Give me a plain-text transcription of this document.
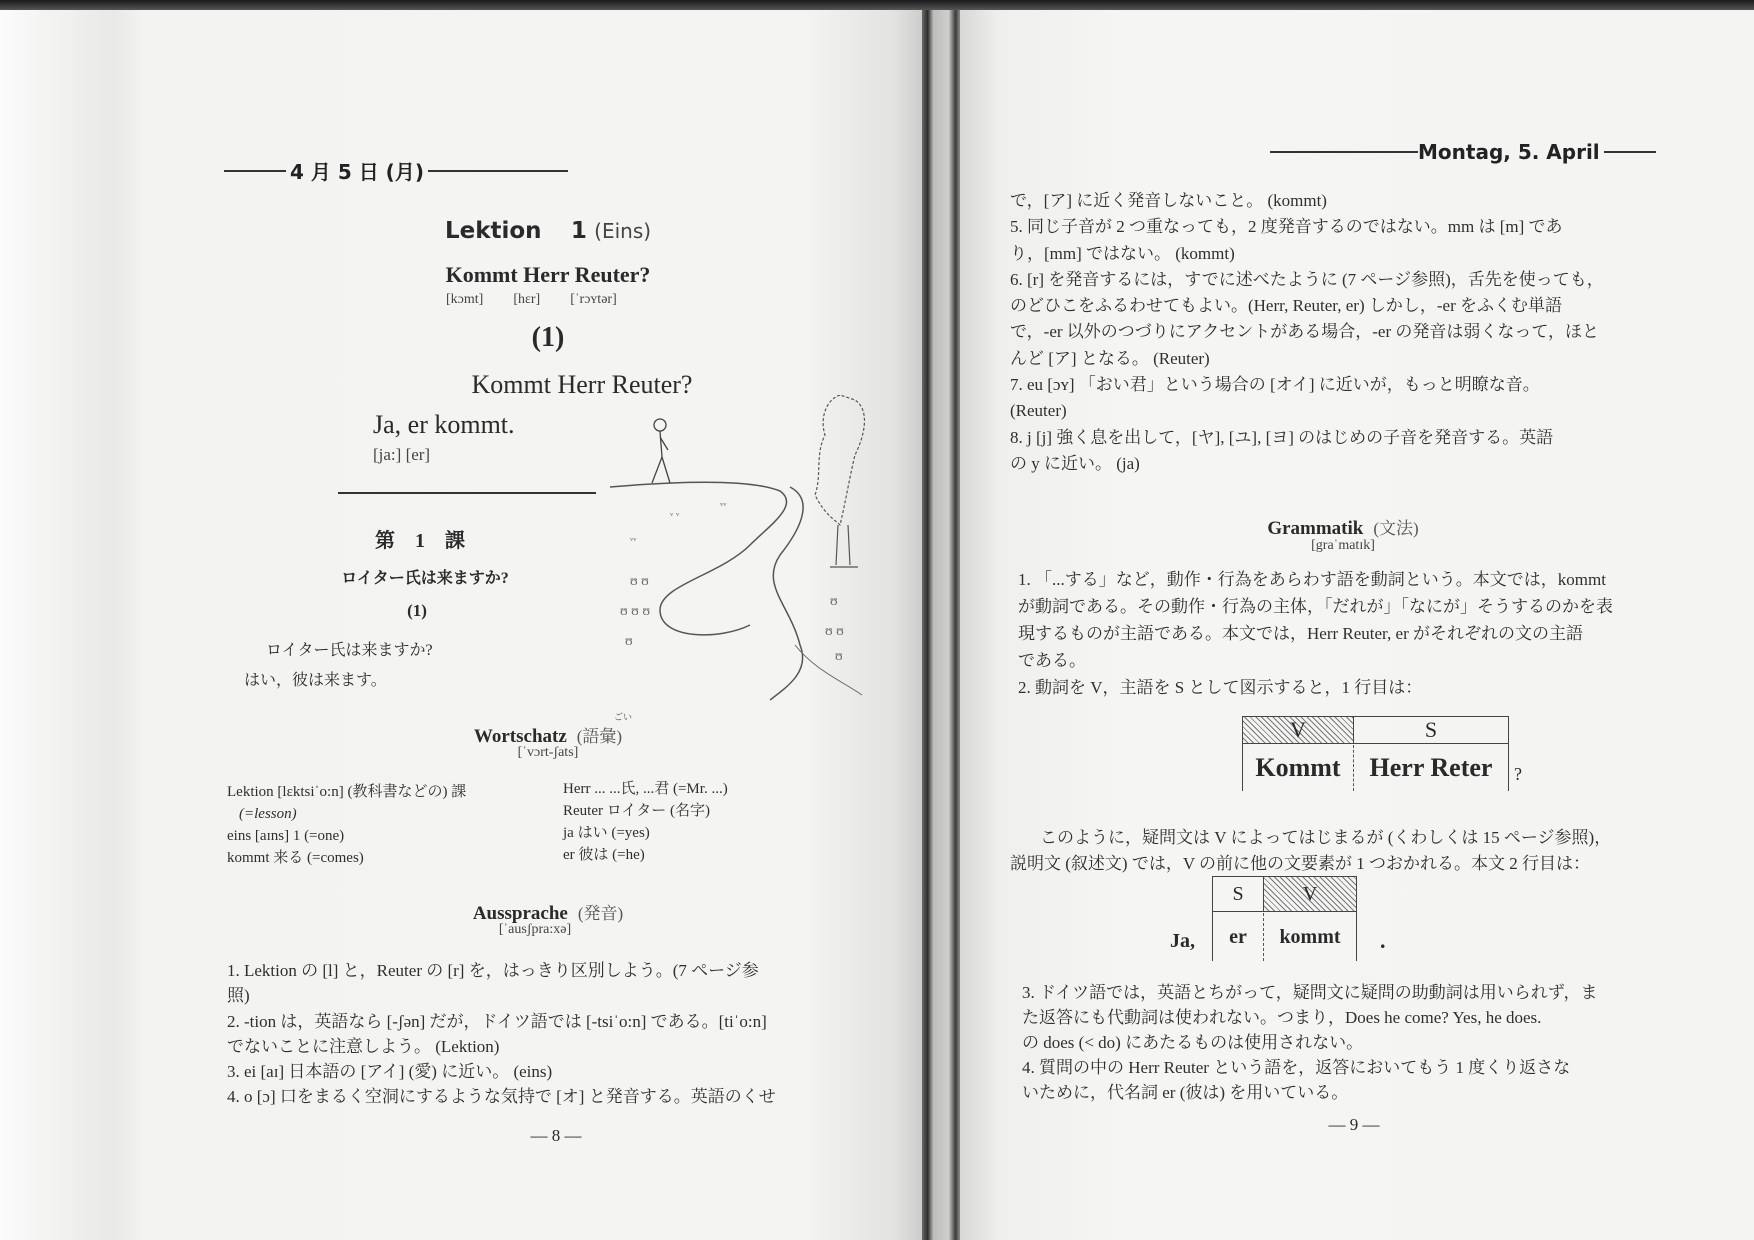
4 月 5 日 (月)
Lektion 1 (Eins)
Kommt Herr Reuter?
[kɔmt] [hɛr] [ˈrɔʏtər]
(1)
Kommt Herr Reuter?
Ja, er kommt.
[ja:] [er]
ᵥᵥ
ᵥ ᵥ
ᵥᵥ
ʊ ʊ
ʊ ʊ ʊ
ʊ
ʊ
ʊ ʊ
ʊ
第　1　課
ロイター氏は来ますか?
(1)
ロイター氏は来ますか?
はい，彼は来ます。
Wortschatz (語彙)
ごい
[ˈvɔrt-ʃats]
Lektion [lɛktsiˈo:n] (教科書などの) 課
(=lesson)
eins [aɪns] 1 (=one)
kommt 来る (=comes)
Herr ... ...氏, ...君 (=Mr. ...)
Reuter ロイター (名字)
ja はい (=yes)
er 彼は (=he)
Aussprache (発音)
[ˈausʃpra:xə]
1. Lektion の [l] と，Reuter の [r] を，はっきり区別しよう。(7 ページ参
照)
2. -tion は，英語なら [-ʃən] だが，ドイツ語では [-tsiˈo:n] である。[tiˈo:n]
でないことに注意しよう。 (Lektion)
3. ei [aɪ] 日本語の [アイ] (愛) に近い。 (eins)
4. o [ɔ] 口をまるく空洞にするような気持で [オ] と発音する。英語のくせ
— 8 —
Montag, 5. April
で，[ア] に近く発音しないこと。 (kommt)
5. 同じ子音が 2 つ重なっても，2 度発音するのではない。mm は [m] であ
り，[mm] ではない。 (kommt)
6. [r] を発音するには，すでに述べたように (7 ページ参照)，舌先を使っても，
のどひこをふるわせてもよい。(Herr, Reuter, er) しかし，-er をふくむ単語
で，-er 以外のつづりにアクセントがある場合，-er の発音は弱くなって，ほと
んど [ア] となる。 (Reuter)
7. eu [ɔʏ] 「おい君」という場合の [オイ] に近いが，もっと明瞭な音。
(Reuter)
8. j [j] 強く息を出して，[ヤ], [ユ], [ヨ] のはじめの子音を発音する。英語
の y に近い。 (ja)
Grammatik (文法)
[graˈmatɪk]
1. 「...する」など，動作・行為をあらわす語を動詞という。本文では，kommt
が動詞である。その動作・行為の主体，「だれが」「なにが」そうするのかを表
現するものが主語である。本文では，Herr Reuter, er がそれぞれの文の主語
である。
2. 動詞を V，主語を S として図示すると，1 行目は：
V	S
Kommt	Herr Reter	?
このように，疑問文は V によってはじまるが (くわしくは 15 ページ参照)，
説明文 (叙述文) では，V の前に他の文要素が 1 つおかれる。本文 2 行目は：
Ja,
S	V
er	kommt	.
3. ドイツ語では，英語とちがって，疑問文に疑問の助動詞は用いられず，ま
た返答にも代動詞は使われない。つまり，Does he come? Yes, he does.
の does (< do) にあたるものは使用されない。
4. 質問の中の Herr Reuter という語を，返答においてもう 1 度くり返さな
いために，代名詞 er (彼は) を用いている。
— 9 —
